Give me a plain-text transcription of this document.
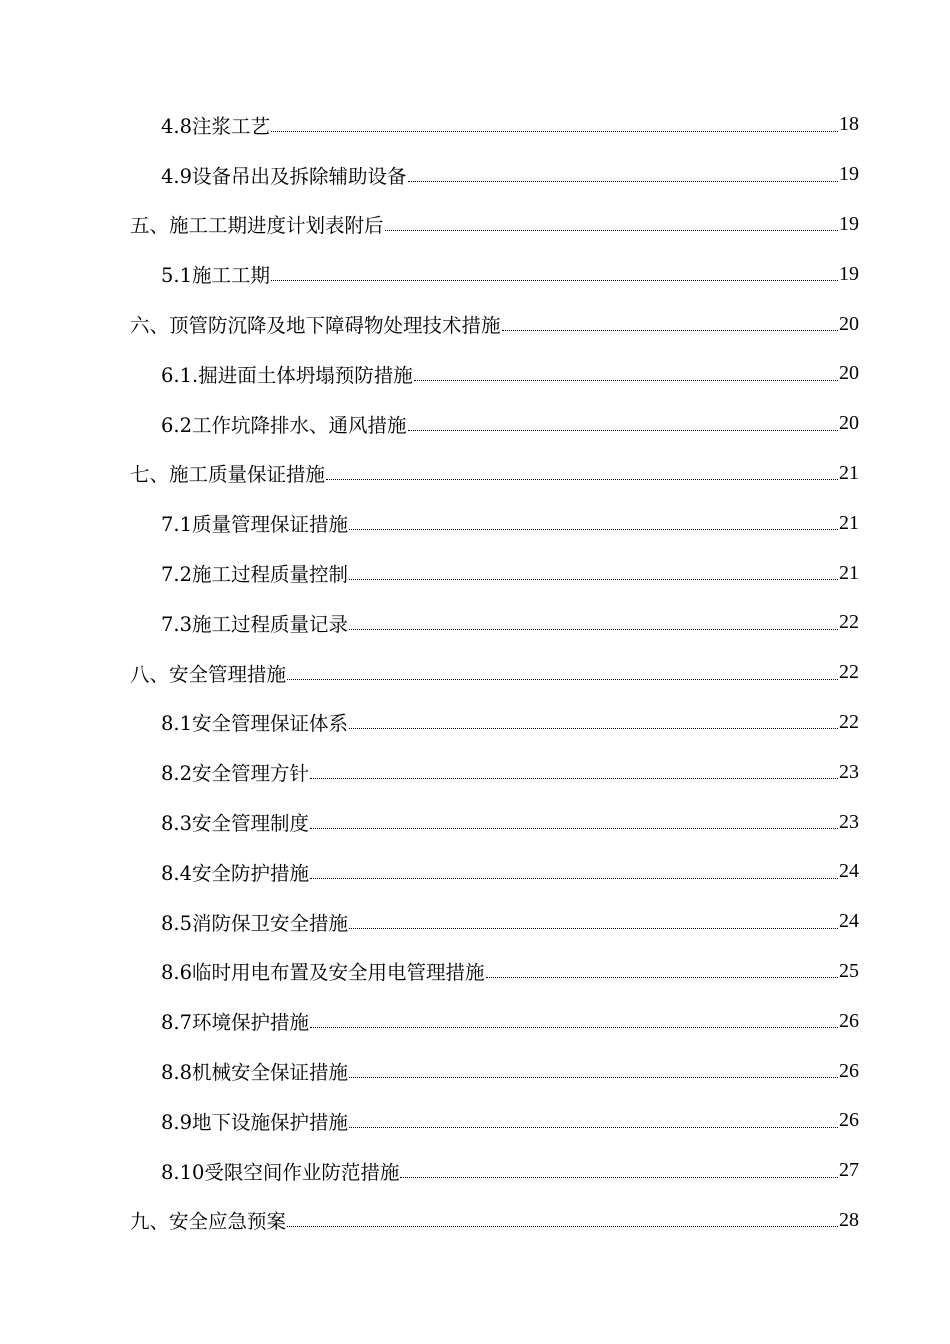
4.8注浆工艺	18
4.9设备吊出及拆除辅助设备	19
五、施工工期进度计划表附后	19
5.1施工工期	19
六、顶管防沉降及地下障碍物处理技术措施	20
6.1.掘进面土体坍塌预防措施	20
6.2工作坑降排水、通风措施	20
七、施工质量保证措施	21
7.1质量管理保证措施	21
7.2施工过程质量控制	21
7.3施工过程质量记录	22
八、安全管理措施	22
8.1安全管理保证体系	22
8.2安全管理方针	23
8.3安全管理制度	23
8.4安全防护措施	24
8.5消防保卫安全措施	24
8.6临时用电布置及安全用电管理措施	25
8.7环境保护措施	26
8.8机械安全保证措施	26
8.9地下设施保护措施	26
8.10受限空间作业防范措施	27
九、安全应急预案	28
